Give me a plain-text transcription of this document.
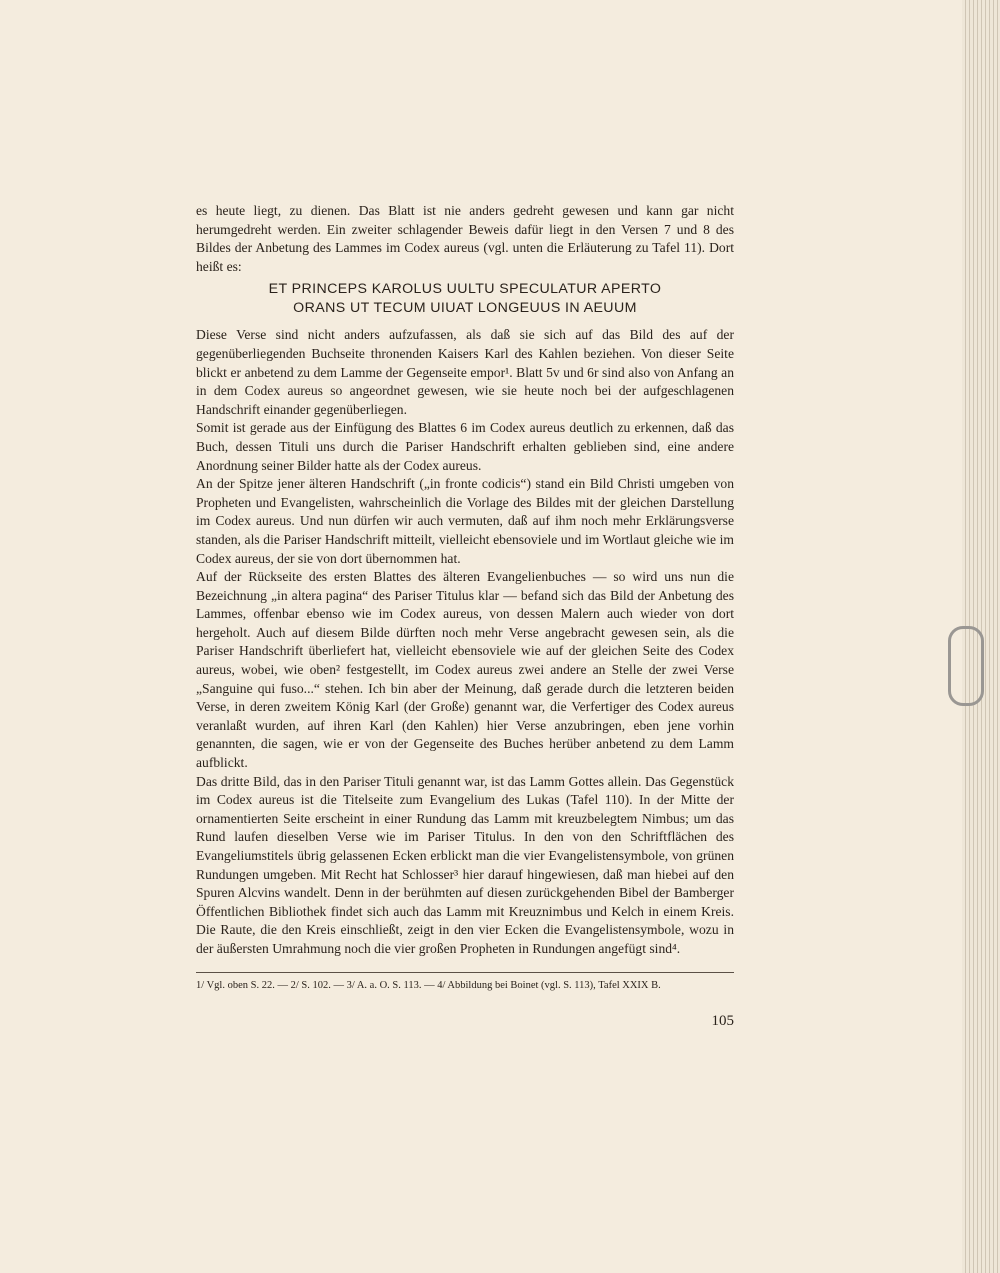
es heute liegt, zu dienen. Das Blatt ist nie anders gedreht gewesen und kann gar nicht herumgedreht werden. Ein zweiter schlagender Beweis dafür liegt in den Versen 7 und 8 des Bildes der Anbetung des Lammes im Codex aureus (vgl. unten die Erläuterung zu Tafel 11). Dort heißt es:

ET PRINCEPS KAROLUS UULTU SPECULATUR APERTO
ORANS UT TECUM UIUAT LONGEUUS IN AEUUM

Diese Verse sind nicht anders aufzufassen, als daß sie sich auf das Bild des auf der gegenüberliegenden Buchseite thronenden Kaisers Karl des Kahlen beziehen. Von dieser Seite blickt er anbetend zu dem Lamme der Gegenseite empor¹. Blatt 5v und 6r sind also von Anfang an in dem Codex aureus so angeordnet gewesen, wie sie heute noch bei der aufgeschlagenen Handschrift einander gegenüberliegen.

Somit ist gerade aus der Einfügung des Blattes 6 im Codex aureus deutlich zu erkennen, daß das Buch, dessen Tituli uns durch die Pariser Handschrift erhalten geblieben sind, eine andere Anordnung seiner Bilder hatte als der Codex aureus.

An der Spitze jener älteren Handschrift („in fronte codicis“) stand ein Bild Christi umgeben von Propheten und Evangelisten, wahrscheinlich die Vorlage des Bildes mit der gleichen Darstellung im Codex aureus. Und nun dürfen wir auch vermuten, daß auf ihm noch mehr Erklärungsverse standen, als die Pariser Handschrift mitteilt, vielleicht ebensoviele und im Wortlaut gleiche wie im Codex aureus, der sie von dort übernommen hat.

Auf der Rückseite des ersten Blattes des älteren Evangelienbuches — so wird uns nun die Bezeichnung „in altera pagina“ des Pariser Titulus klar — befand sich das Bild der Anbetung des Lammes, offenbar ebenso wie im Codex aureus, von dessen Malern auch wieder von dort hergeholt. Auch auf diesem Bilde dürften noch mehr Verse angebracht gewesen sein, als die Pariser Handschrift überliefert hat, vielleicht ebensoviele wie auf der gleichen Seite des Codex aureus, wobei, wie oben² festgestellt, im Codex aureus zwei andere an Stelle der zwei Verse „Sanguine qui fuso...“ stehen. Ich bin aber der Meinung, daß gerade durch die letzteren beiden Verse, in deren zweitem König Karl (der Große) genannt war, die Verfertiger des Codex aureus veranlaßt wurden, auf ihren Karl (den Kahlen) hier Verse anzubringen, eben jene vorhin genannten, die sagen, wie er von der Gegenseite des Buches herüber anbetend zu dem Lamm aufblickt.

Das dritte Bild, das in den Pariser Tituli genannt war, ist das Lamm Gottes allein. Das Gegenstück im Codex aureus ist die Titelseite zum Evangelium des Lukas (Tafel 110). In der Mitte der ornamentierten Seite erscheint in einer Rundung das Lamm mit kreuzbelegtem Nimbus; um das Rund laufen dieselben Verse wie im Pariser Titulus. In den von den Schriftflächen des Evangeliumstitels übrig gelassenen Ecken erblickt man die vier Evangelistensymbole, von grünen Rundungen umgeben. Mit Recht hat Schlosser³ hier darauf hingewiesen, daß man hiebei auf den Spuren Alcvins wandelt. Denn in der berühmten auf diesen zurückgehenden Bibel der Bamberger Öffentlichen Bibliothek findet sich auch das Lamm mit Kreuznimbus und Kelch in einem Kreis. Die Raute, die den Kreis einschließt, zeigt in den vier Ecken die Evangelistensymbole, wozu in der äußersten Umrahmung noch die vier großen Propheten in Rundungen angefügt sind⁴.

1/ Vgl. oben S. 22. — 2/ S. 102. — 3/ A. a. O. S. 113. — 4/ Abbildung bei Boinet (vgl. S. 113), Tafel XXIX B.
105
